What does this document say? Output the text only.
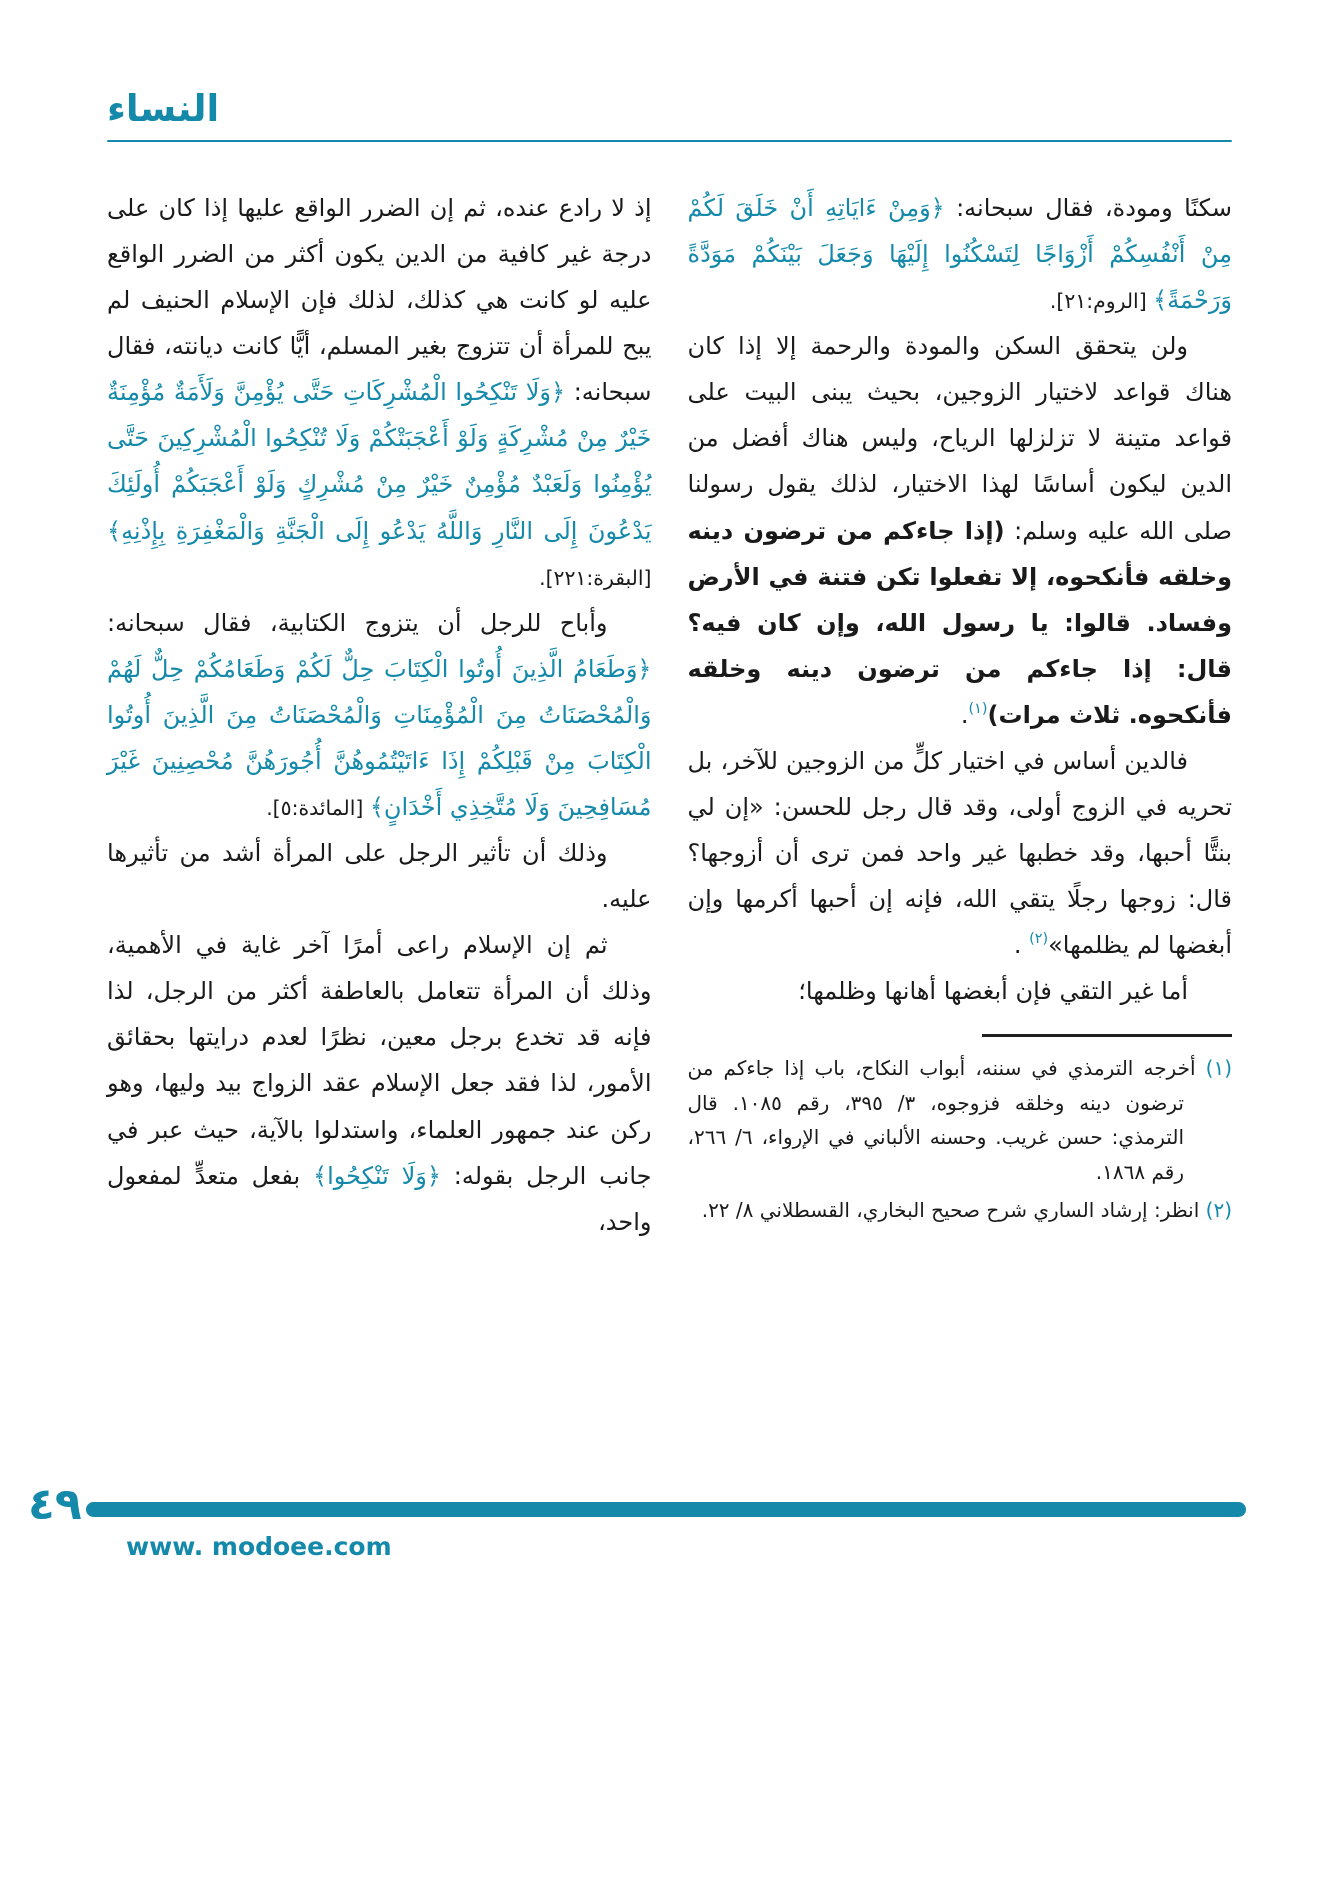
النساء

سكنًا ومودة، فقال سبحانه: ﴿وَمِنْ ءَايَاتِهِ أَنْ خَلَقَ لَكُمْ مِنْ أَنْفُسِكُمْ أَزْوَاجًا لِتَسْكُنُوا إِلَيْهَا وَجَعَلَ بَيْنَكُمْ مَوَدَّةً وَرَحْمَةً﴾ [الروم:٢١].

ولن يتحقق السكن والمودة والرحمة إلا إذا كان هناك قواعد لاختيار الزوجين، بحيث يبنى البيت على قواعد متينة لا تزلزلها الرياح، وليس هناك أفضل من الدين ليكون أساسًا لهذا الاختيار، لذلك يقول رسولنا صلى الله عليه وسلم: (إذا جاءكم من ترضون دينه وخلقه فأنكحوه، إلا تفعلوا تكن فتنة في الأرض وفساد. قالوا: يا رسول الله، وإن كان فيه؟ قال: إذا جاءكم من ترضون دينه وخلقه فأنكحوه. ثلاث مرات)$^{(١)}$.

فالدين أساس في اختيار كلٍّ من الزوجين للآخر، بل تحريه في الزوج أولى، وقد قال رجل للحسن: «إن لي بنتًّا أحبها، وقد خطبها غير واحد فمن ترى أن أزوجها؟ قال: زوجها رجلًا يتقي الله، فإنه إن أحبها أكرمها وإن أبغضها لم يظلمها»$^{(٢)}$ .

أما غير التقي فإن أبغضها أهانها وظلمها؛

(١) أخرجه الترمذي في سننه، أبواب النكاح، باب إذا جاءكم من ترضون دينه وخلقه فزوجوه، ٣/ ٣٩٥، رقم ١٠٨٥. قال الترمذي: حسن غريب. وحسنه الألباني في الإرواء، ٦/ ٢٦٦، رقم ١٨٦٨.

(٢) انظر: إرشاد الساري شرح صحيح البخاري، القسطلاني ٨/ ٢٢.

إذ لا رادع عنده، ثم إن الضرر الواقع عليها إذا كان على درجة غير كافية من الدين يكون أكثر من الضرر الواقع عليه لو كانت هي كذلك، لذلك فإن الإسلام الحنيف لم يبح للمرأة أن تتزوج بغير المسلم، أيًّا كانت ديانته، فقال سبحانه: ﴿وَلَا تَنْكِحُوا الْمُشْرِكَاتِ حَتَّى يُؤْمِنَّ وَلَأَمَةٌ مُؤْمِنَةٌ خَيْرٌ مِنْ مُشْرِكَةٍ وَلَوْ أَعْجَبَتْكُمْ وَلَا تُنْكِحُوا الْمُشْرِكِينَ حَتَّى يُؤْمِنُوا وَلَعَبْدٌ مُؤْمِنٌ خَيْرٌ مِنْ مُشْرِكٍ وَلَوْ أَعْجَبَكُمْ أُولَئِكَ يَدْعُونَ إِلَى النَّارِ وَاللَّهُ يَدْعُو إِلَى الْجَنَّةِ وَالْمَغْفِرَةِ بِإِذْنِهِ﴾ [البقرة:٢٢١].

وأباح للرجل أن يتزوج الكتابية، فقال سبحانه: ﴿وَطَعَامُ الَّذِينَ أُوتُوا الْكِتَابَ حِلٌّ لَكُمْ وَطَعَامُكُمْ حِلٌّ لَهُمْ وَالْمُحْصَنَاتُ مِنَ الْمُؤْمِنَاتِ وَالْمُحْصَنَاتُ مِنَ الَّذِينَ أُوتُوا الْكِتَابَ مِنْ قَبْلِكُمْ إِذَا ءَاتَيْتُمُوهُنَّ أُجُورَهُنَّ مُحْصِنِينَ غَيْرَ مُسَافِحِينَ وَلَا مُتَّخِذِي أَخْدَانٍ﴾ [المائدة:٥].

وذلك أن تأثير الرجل على المرأة أشد من تأثيرها عليه.

ثم إن الإسلام راعى أمرًا آخر غاية في الأهمية، وذلك أن المرأة تتعامل بالعاطفة أكثر من الرجل، لذا فإنه قد تخدع برجل معين، نظرًا لعدم درايتها بحقائق الأمور، لذا فقد جعل الإسلام عقد الزواج بيد وليها، وهو ركن عند جمهور العلماء، واستدلوا بالآية، حيث عبر في جانب الرجل بقوله: ﴿وَلَا تَنْكِحُوا﴾ بفعل متعدٍّ لمفعول واحد،

٤٩
www. modoee.com
